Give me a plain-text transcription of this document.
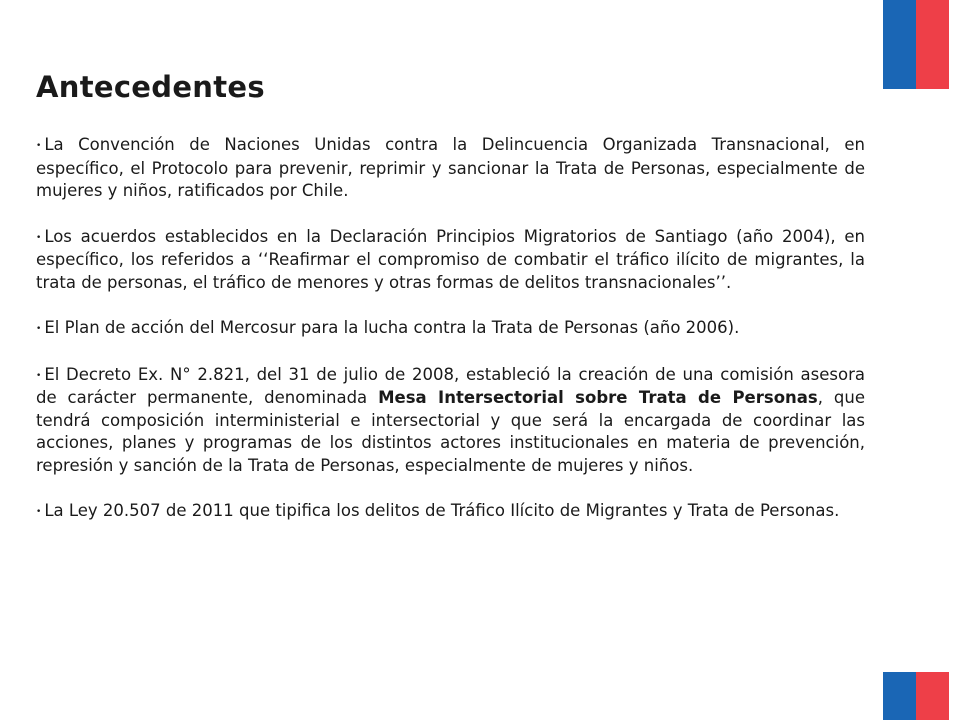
Antecedentes

• La Convención de Naciones Unidas contra la Delincuencia Organizada Transnacional, en específico, el Protocolo para prevenir, reprimir y sancionar la Trata de Personas, especialmente de mujeres y niños, ratificados por Chile.

• Los acuerdos establecidos en la Declaración Principios Migratorios de Santiago (año 2004), en específico, los referidos a ‘‘Reafirmar el compromiso de combatir el tráfico ilícito de migrantes, la trata de personas, el tráfico de menores y otras formas de delitos transnacionales’’.

• El Plan de acción del Mercosur para la lucha contra la Trata de Personas (año 2006).

• El Decreto Ex. N° 2.821, del 31 de julio de 2008, estableció la creación de una comisión asesora de carácter permanente, denominada Mesa Intersectorial sobre Trata de Personas, que tendrá composición interministerial e intersectorial y que será la encargada de coordinar las acciones, planes y programas de los distintos actores institucionales en materia de prevención, represión y sanción de la Trata de Personas, especialmente de mujeres y niños.

• La Ley 20.507 de 2011 que tipifica los delitos de Tráfico Ilícito de Migrantes y Trata de Personas.
